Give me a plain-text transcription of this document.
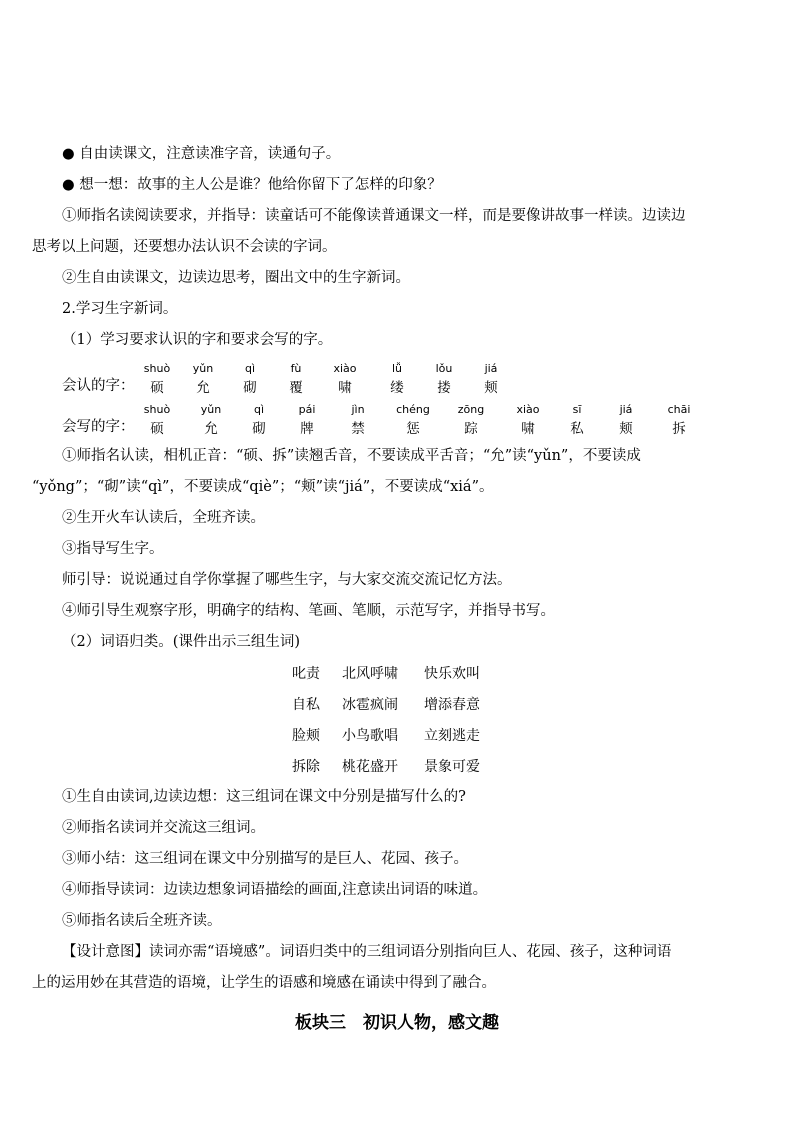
● 自由读课文，注意读准字音，读通句子。
● 想一想：故事的主人公是谁？他给你留下了怎样的印象？
①师指名读阅读要求，并指导：读童话可不能像读普通课文一样，而是要像讲故事一样读。边读边
思考以上问题，还要想办法认识不会读的字词。
②生自由读课文，边读边思考，圈出文中的生字新词。
2.学习生字新词。
（1）学习要求认识的字和要求会写的字。
会认的字：
shuò
硕
yǔn
允
qì
砌
fù
覆
xiào
啸
lǚ
缕
lǒu
搂
jiá
颊
会写的字：
shuò
硕
yǔn
允
qì
砌
pái
牌
jìn
禁
chéng
惩
zōng
踪
xiào
啸
sī
私
jiá
颊
chāi
拆
①师指名认读，相机正音：“硕、拆”读翘舌音，不要读成平舌音；“允”读“yǔn”，不要读成
“yǒng”；“砌”读“qì”，不要读成“qiè”；“颊”读“jiá”，不要读成“xiá”。
②生开火车认读后，全班齐读。
③指导写生字。
师引导：说说通过自学你掌握了哪些生字，与大家交流交流记忆方法。
④师引导生观察字形，明确字的结构、笔画、笔顺，示范写字，并指导书写。
（2）词语归类。(课件出示三组生词)
叱责 北风呼啸 快乐欢叫
自私 冰雹疯闹 增添春意
脸颊 小鸟歌唱 立刻逃走
拆除 桃花盛开 景象可爱
①生自由读词,边读边想：这三组词在课文中分别是描写什么的?
②师指名读词并交流这三组词。
③师小结：这三组词在课文中分别描写的是巨人、花园、孩子。
④师指导读词：边读边想象词语描绘的画面,注意读出词语的味道。
⑤师指名读后全班齐读。
【设计意图】读词亦需“语境感”。词语归类中的三组词语分别指向巨人、花园、孩子，这种词语
上的运用妙在其营造的语境，让学生的语感和境感在诵读中得到了融合。
板块三　初识人物，感文趣
